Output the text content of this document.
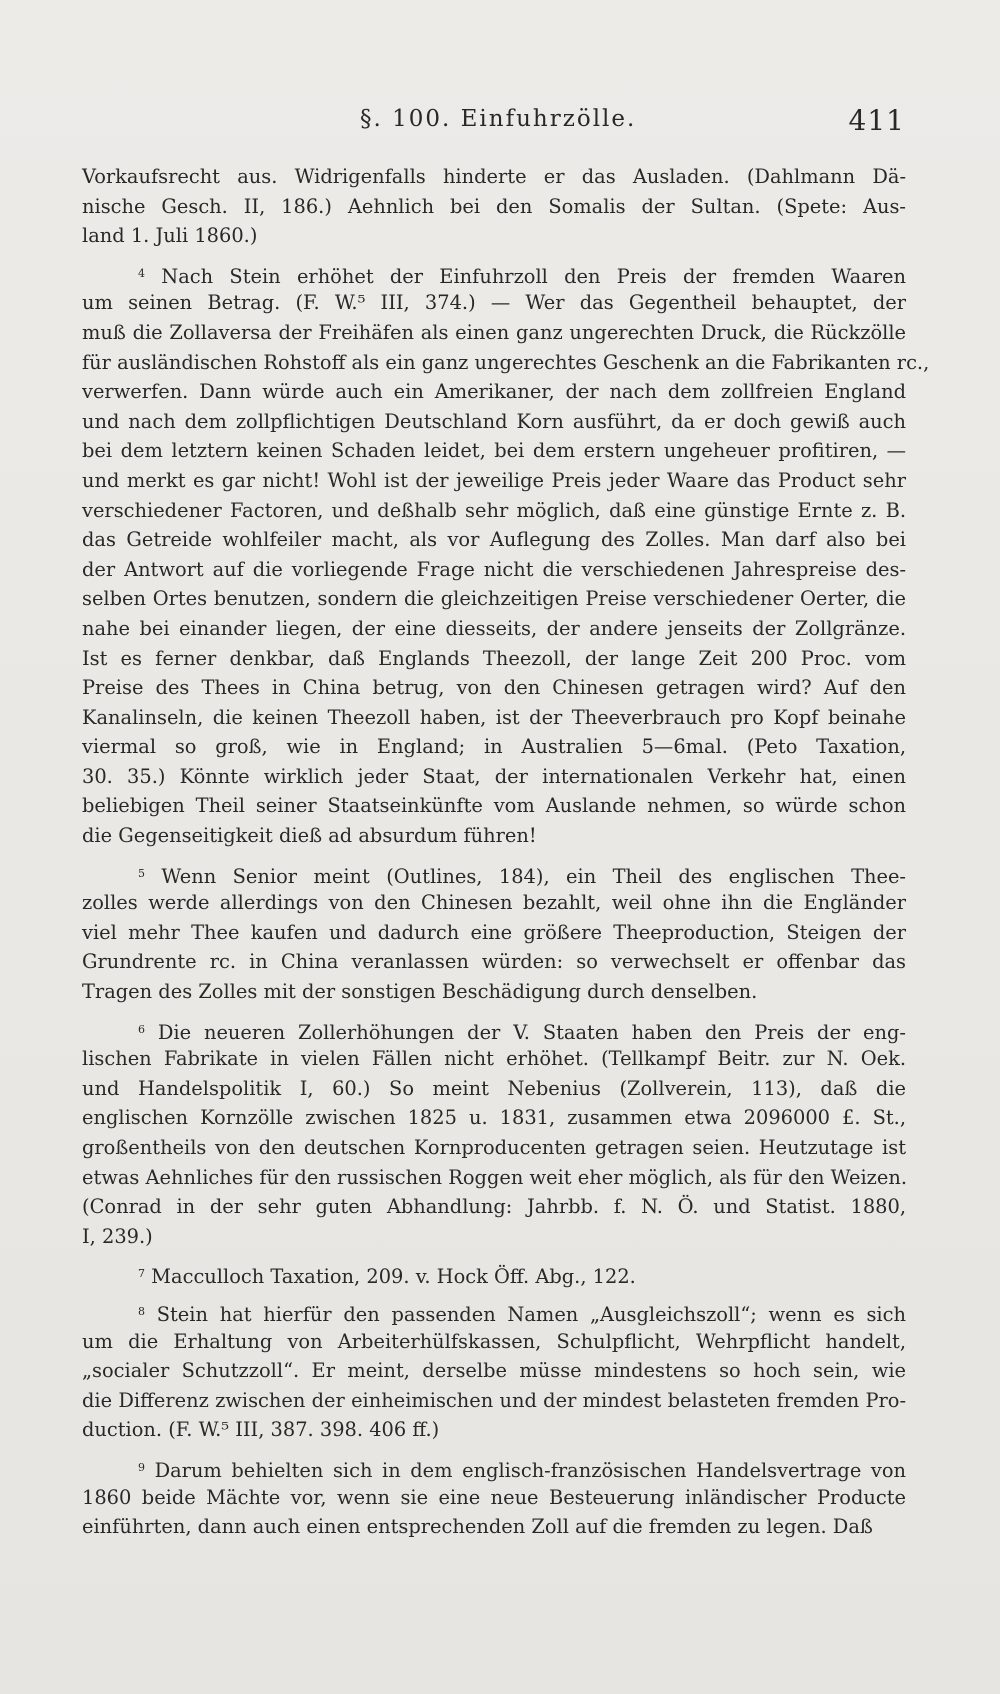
§. 100. Einfuhrzölle.	411
Vorkaufsrecht aus. Widrigenfalls hinderte er das Ausladen. (Dahlmann Dä-
nische Gesch. II, 186.) Aehnlich bei den Somalis der Sultan. (Spete: Aus-
land 1. Juli 1860.)
$^4$ Nach Stein erhöhet der Einfuhrzoll den Preis der fremden Waaren
um seinen Betrag. (F. W.⁵ III, 374.) — Wer das Gegentheil behauptet, der
muß die Zollaversa der Freihäfen als einen ganz ungerechten Druck, die Rückzölle
für ausländischen Rohstoff als ein ganz ungerechtes Geschenk an die Fabrikanten rc.,
verwerfen. Dann würde auch ein Amerikaner, der nach dem zollfreien England
und nach dem zollpflichtigen Deutschland Korn ausführt, da er doch gewiß auch
bei dem letztern keinen Schaden leidet, bei dem erstern ungeheuer profitiren, —
und merkt es gar nicht! Wohl ist der jeweilige Preis jeder Waare das Product sehr
verschiedener Factoren, und deßhalb sehr möglich, daß eine günstige Ernte z. B.
das Getreide wohlfeiler macht, als vor Auflegung des Zolles. Man darf also bei
der Antwort auf die vorliegende Frage nicht die verschiedenen Jahrespreise des-
selben Ortes benutzen, sondern die gleichzeitigen Preise verschiedener Oerter, die
nahe bei einander liegen, der eine diesseits, der andere jenseits der Zollgränze.
Ist es ferner denkbar, daß Englands Theezoll, der lange Zeit 200 Proc. vom
Preise des Thees in China betrug, von den Chinesen getragen wird? Auf den
Kanalinseln, die keinen Theezoll haben, ist der Theeverbrauch pro Kopf beinahe
viermal so groß, wie in England; in Australien 5—6mal. (Peto Taxation,
30. 35.) Könnte wirklich jeder Staat, der internationalen Verkehr hat, einen
beliebigen Theil seiner Staatseinkünfte vom Auslande nehmen, so würde schon
die Gegenseitigkeit dieß ad absurdum führen!
$^5$ Wenn Senior meint (Outlines, 184), ein Theil des englischen Thee-
zolles werde allerdings von den Chinesen bezahlt, weil ohne ihn die Engländer
viel mehr Thee kaufen und dadurch eine größere Theeproduction, Steigen der
Grundrente rc. in China veranlassen würden: so verwechselt er offenbar das
Tragen des Zolles mit der sonstigen Beschädigung durch denselben.
$^6$ Die neueren Zollerhöhungen der V. Staaten haben den Preis der eng-
lischen Fabrikate in vielen Fällen nicht erhöhet. (Tellkampf Beitr. zur N. Oek.
und Handelspolitik I, 60.) So meint Nebenius (Zollverein, 113), daß die
englischen Kornzölle zwischen 1825 u. 1831, zusammen etwa 2096000 £. St.,
großentheils von den deutschen Kornproducenten getragen seien. Heutzutage ist
etwas Aehnliches für den russischen Roggen weit eher möglich, als für den Weizen.
(Conrad in der sehr guten Abhandlung: Jahrbb. f. N. Ö. und Statist. 1880,
I, 239.)
$^7$ Macculloch Taxation, 209. v. Hock Öff. Abg., 122.
$^8$ Stein hat hierfür den passenden Namen „Ausgleichszoll“; wenn es sich
um die Erhaltung von Arbeiterhülfskassen, Schulpflicht, Wehrpflicht handelt,
„socialer Schutzzoll“. Er meint, derselbe müsse mindestens so hoch sein, wie
die Differenz zwischen der einheimischen und der mindest belasteten fremden Pro-
duction. (F. W.⁵ III, 387. 398. 406 ff.)
$^9$ Darum behielten sich in dem englisch-französischen Handelsvertrage von
1860 beide Mächte vor, wenn sie eine neue Besteuerung inländischer Producte
einführten, dann auch einen entsprechenden Zoll auf die fremden zu legen. Daß
